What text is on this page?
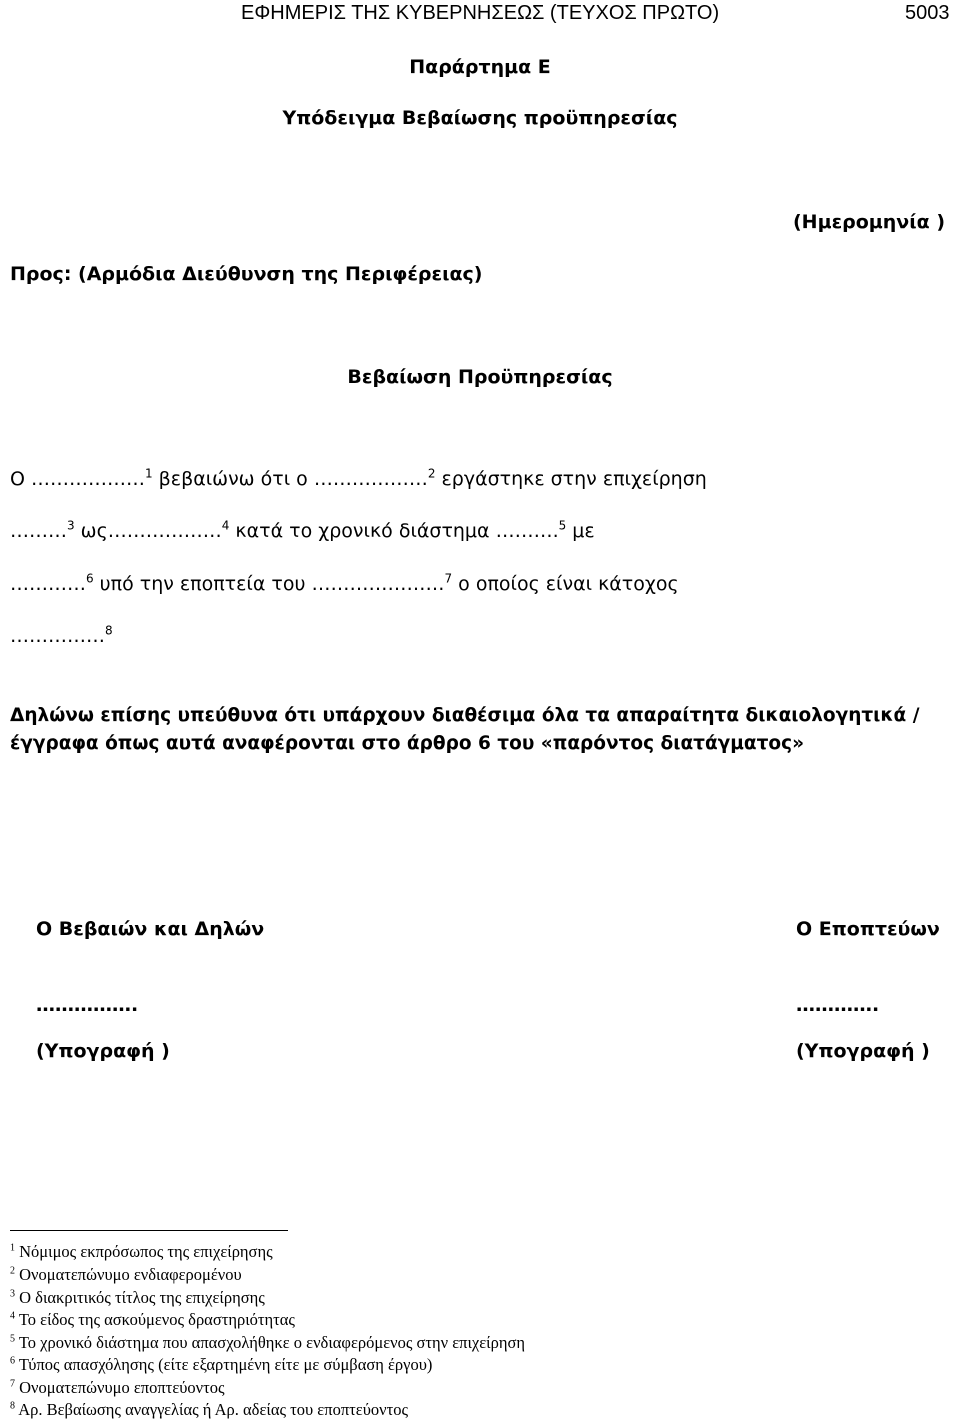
ΕΦΗΜΕΡΙΣ ΤΗΣ ΚΥΒΕΡΝΗΣΕΩΣ (ΤΕΥΧΟΣ ΠΡΩΤΟ)	5003
Παράρτημα Ε
Υπόδειγμα Βεβαίωσης προϋπηρεσίας
(Ημερομηνία )
Προς: (Αρμόδια Διεύθυνση της Περιφέρειας)
Βεβαίωση Προϋπηρεσίας
Ο ………………$^1$ βεβαιώνω ότι ο ………………$^2$ εργάστηκε στην επιχείρηση
………$^3$ ως………………$^4$ κατά το χρονικό διάστημα ……….$^5$ με
…………$^6$ υπό την εποπτεία του …………………$^7$ ο οποίος είναι κάτοχος
……………$^8$
Δηλώνω επίσης υπεύθυνα ότι υπάρχουν διαθέσιμα όλα τα απαραίτητα δικαιολογητικά /
έγγραφα όπως αυτά αναφέρονται στο άρθρο 6 του «παρόντος διατάγματος»
Ο Βεβαιών και Δηλών	Ο Εποπτεύων
…………….	………….
(Υπογραφή )	(Υπογραφή )
$^1$ Νόμιμος εκπρόσωπος της επιχείρησης
$^2$ Ονοματεπώνυμο ενδιαφερομένου
$^3$ Ο διακριτικός τίτλος της επιχείρησης
$^4$ Το είδος της ασκούμενος δραστηριότητας
$^5$ Το χρονικό διάστημα που απασχολήθηκε ο ενδιαφερόμενος στην επιχείρηση
$^6$ Τύπος απασχόλησης (είτε εξαρτημένη είτε με σύμβαση έργου)
$^7$ Ονοματεπώνυμο εποπτεύοντος
$^8$ Αρ. Βεβαίωσης αναγγελίας ή Αρ. αδείας του εποπτεύοντος
